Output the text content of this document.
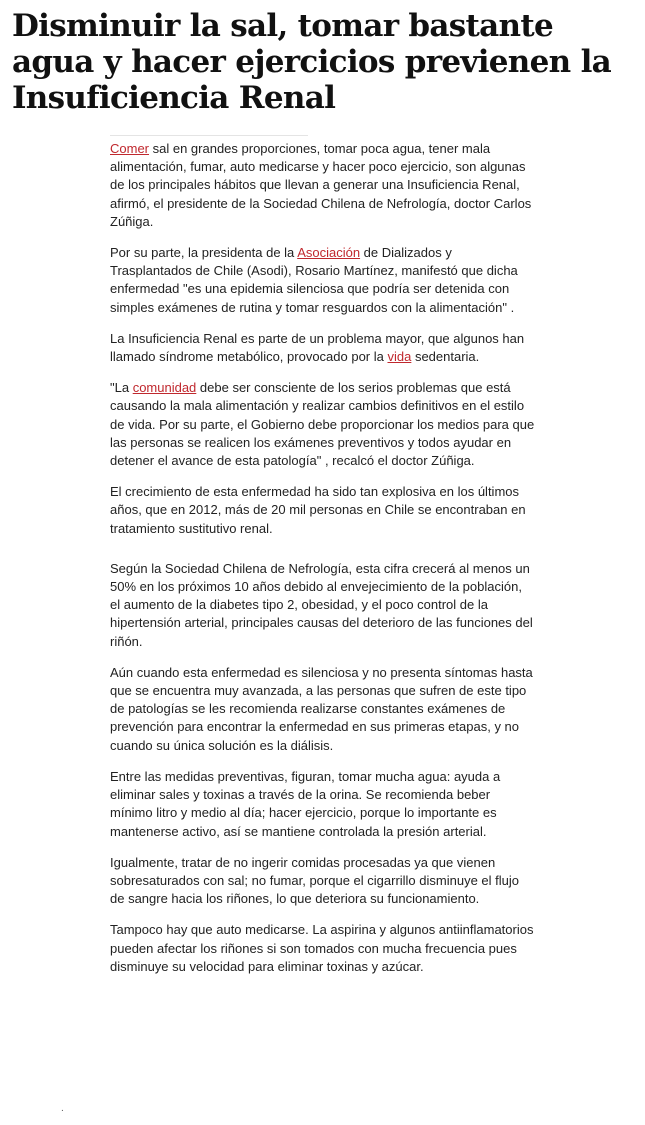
Disminuir la sal, tomar bastante agua y hacer ejercicios previenen la Insuficiencia Renal

Comer sal en grandes proporciones, tomar poca agua, tener mala alimentación, fumar, auto medicarse y hacer poco ejercicio, son algunas de los principales hábitos que llevan a generar una Insuficiencia Renal, afirmó, el presidente de la Sociedad Chilena de Nefrología, doctor Carlos Zúñiga.

Por su parte, la presidenta de la Asociación de Dializados y Trasplantados de Chile (Asodi), Rosario Martínez, manifestó que dicha enfermedad "es una epidemia silenciosa que podría ser detenida con simples exámenes de rutina y tomar resguardos con la alimentación" .

La Insuficiencia Renal es parte de un problema mayor, que algunos han llamado síndrome metabólico, provocado por la vida sedentaria.

"La comunidad debe ser consciente de los serios problemas que está causando la mala alimentación y realizar cambios definitivos en el estilo de vida. Por su parte, el Gobierno debe proporcionar los medios para que las personas se realicen los exámenes preventivos y todos ayudar en detener el avance de esta patología" , recalcó el doctor Zúñiga.

El crecimiento de esta enfermedad ha sido tan explosiva en los últimos años, que en 2012, más de 20 mil personas en Chile se encontraban en tratamiento sustitutivo renal.

Según la Sociedad Chilena de Nefrología, esta cifra crecerá al menos un 50% en los próximos 10 años debido al envejecimiento de la población, el aumento de la diabetes tipo 2, obesidad, y el poco control de la hipertensión arterial, principales causas del deterioro de las funciones del riñón.

Aún cuando esta enfermedad es silenciosa y no presenta síntomas hasta que se encuentra muy avanzada, a las personas que sufren de este tipo de patologías se les recomienda realizarse constantes exámenes de prevención para encontrar la enfermedad en sus primeras etapas, y no cuando su única solución es la diálisis.

Entre las medidas preventivas, figuran, tomar mucha agua: ayuda a eliminar sales y toxinas a través de la orina. Se recomienda beber mínimo litro y medio al día; hacer ejercicio, porque lo importante es mantenerse activo, así se mantiene controlada la presión arterial.

Igualmente, tratar de no ingerir comidas procesadas ya que vienen sobresaturados con sal; no fumar, porque el cigarrillo disminuye el flujo de sangre hacia los riñones, lo que deteriora su funcionamiento.

Tampoco hay que auto medicarse. La aspirina y algunos antiinflamatorios pueden afectar los riñones si son tomados con mucha frecuencia pues disminuye su velocidad para eliminar toxinas y azúcar.

.
